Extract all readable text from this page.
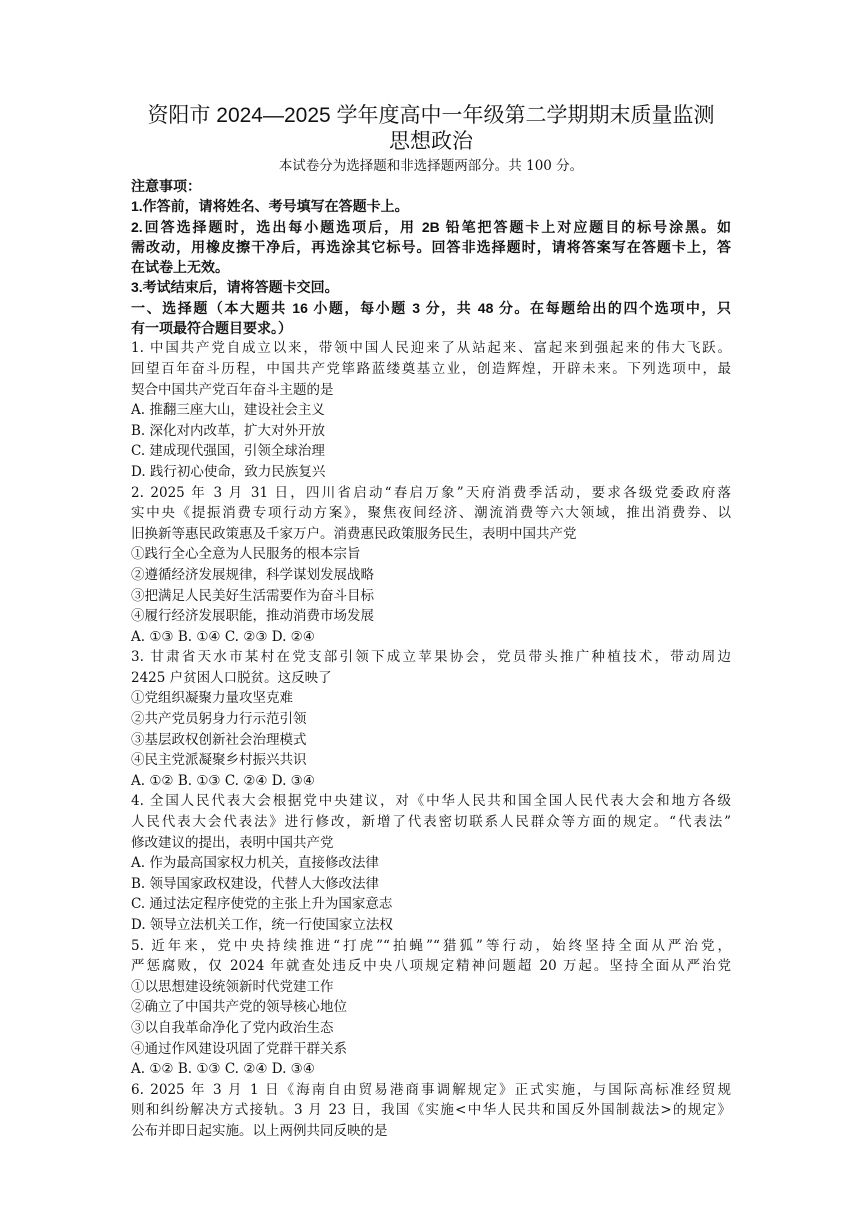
资阳市 2024—2025 学年度高中一年级第二学期期末质量监测
思想政治
本试卷分为选择题和非选择题两部分。共 100 分。
注意事项：
1.作答前，请将姓名、考号填写在答题卡上。
2.回答选择题时，选出每小题选项后，用 2B 铅笔把答题卡上对应题目的标号涂黑。如
需改动，用橡皮擦干净后，再选涂其它标号。回答非选择题时，请将答案写在答题卡上，答
在试卷上无效。
3.考试结束后，请将答题卡交回。
一、选择题（本大题共 16 小题，每小题 3 分，共 48 分。在每题给出的四个选项中，只
有一项最符合题目要求。）
1. 中国共产党自成立以来，带领中国人民迎来了从站起来、富起来到强起来的伟大飞跃。
回望百年奋斗历程，中国共产党筚路蓝缕奠基立业，创造辉煌，开辟未来。下列选项中，最
契合中国共产党百年奋斗主题的是
A. 推翻三座大山，建设社会主义
B. 深化对内改革，扩大对外开放
C. 建成现代强国，引领全球治理
D. 践行初心使命，致力民族复兴
2. 2025 年 3 月 31 日，四川省启动“春启万象”天府消费季活动，要求各级党委政府落
实中央《提振消费专项行动方案》，聚焦夜间经济、潮流消费等六大领域，推出消费券、以
旧换新等惠民政策惠及千家万户。消费惠民政策服务民生，表明中国共产党
①践行全心全意为人民服务的根本宗旨
②遵循经济发展规律，科学谋划发展战略
③把满足人民美好生活需要作为奋斗目标
④履行经济发展职能，推动消费市场发展
A. ①③ B. ①④ C. ②③ D. ②④
3. 甘肃省天水市某村在党支部引领下成立苹果协会，党员带头推广种植技术，带动周边
2425 户贫困人口脱贫。这反映了
①党组织凝聚力量攻坚克难
②共产党员躬身力行示范引领
③基层政权创新社会治理模式
④民主党派凝聚乡村振兴共识
A. ①② B. ①③ C. ②④ D. ③④
4. 全国人民代表大会根据党中央建议，对《中华人民共和国全国人民代表大会和地方各级
人民代表大会代表法》进行修改，新增了代表密切联系人民群众等方面的规定。“代表法”
修改建议的提出，表明中国共产党
A. 作为最高国家权力机关，直接修改法律
B. 领导国家政权建设，代替人大修改法律
C. 通过法定程序使党的主张上升为国家意志
D. 领导立法机关工作，统一行使国家立法权
5. 近年来，党中央持续推进“打虎”“拍蝇”“猎狐”等行动，始终坚持全面从严治党，
严惩腐败，仅 2024 年就查处违反中央八项规定精神问题超 20 万起。坚持全面从严治党
①以思想建设统领新时代党建工作
②确立了中国共产党的领导核心地位
③以自我革命净化了党内政治生态
④通过作风建设巩固了党群干群关系
A. ①② B. ①③ C. ②④ D. ③④
6. 2025 年 3 月 1 日《海南自由贸易港商事调解规定》正式实施，与国际高标准经贸规
则和纠纷解决方式接轨。3 月 23 日，我国《实施<中华人民共和国反外国制裁法>的规定》
公布并即日起实施。以上两例共同反映的是
